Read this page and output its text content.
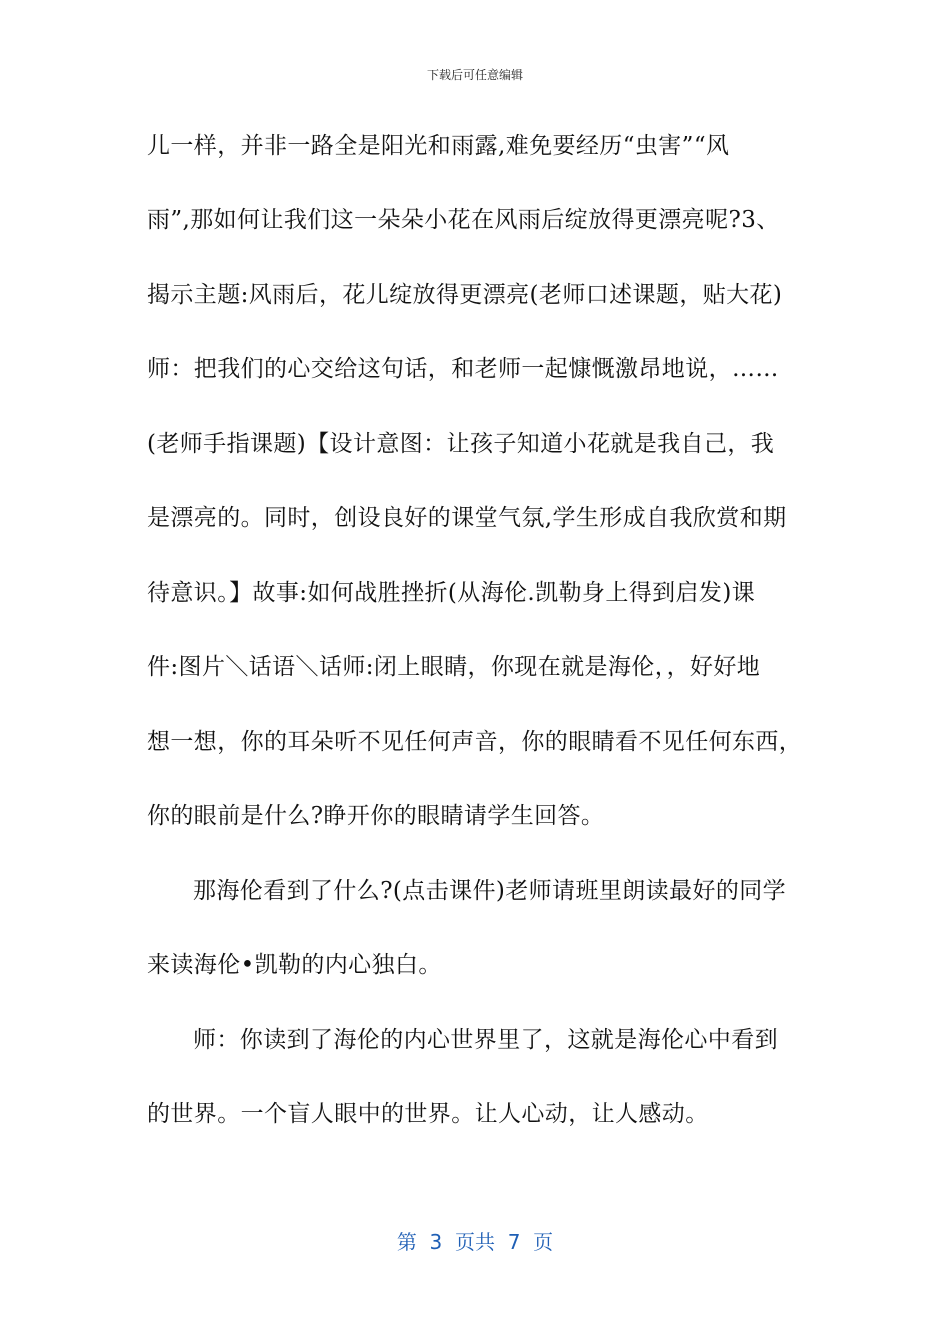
下载后可任意编辑
儿一样，并非一路全是阳光和雨露,难免要经历“虫害”“风
雨”,那如何让我们这一朵朵小花在风雨后绽放得更漂亮呢?3、
揭示主题:风雨后，花儿绽放得更漂亮(老师口述课题，贴大花)
师：把我们的心交给这句话，和老师一起慷慨激昂地说，……
(老师手指课题)【设计意图：让孩子知道小花就是我自己，我
是漂亮的。同时，创设良好的课堂气氛,学生形成自我欣赏和期
待意识。】故事:如何战胜挫折(从海伦.凯勒身上得到启发)课
件:图片＼话语＼话师:闭上眼睛，你现在就是海伦，，好好地
想一想，你的耳朵听不见任何声音，你的眼睛看不见任何东西，
你的眼前是什么?睁开你的眼睛请学生回答。
那海伦看到了什么?(点击课件)老师请班里朗读最好的同学
来读海伦•凯勒的内心独白。
师：你读到了海伦的内心世界里了，这就是海伦心中看到
的世界。一个盲人眼中的世界。让人心动，让人感动。
第  3  页共  7  页
